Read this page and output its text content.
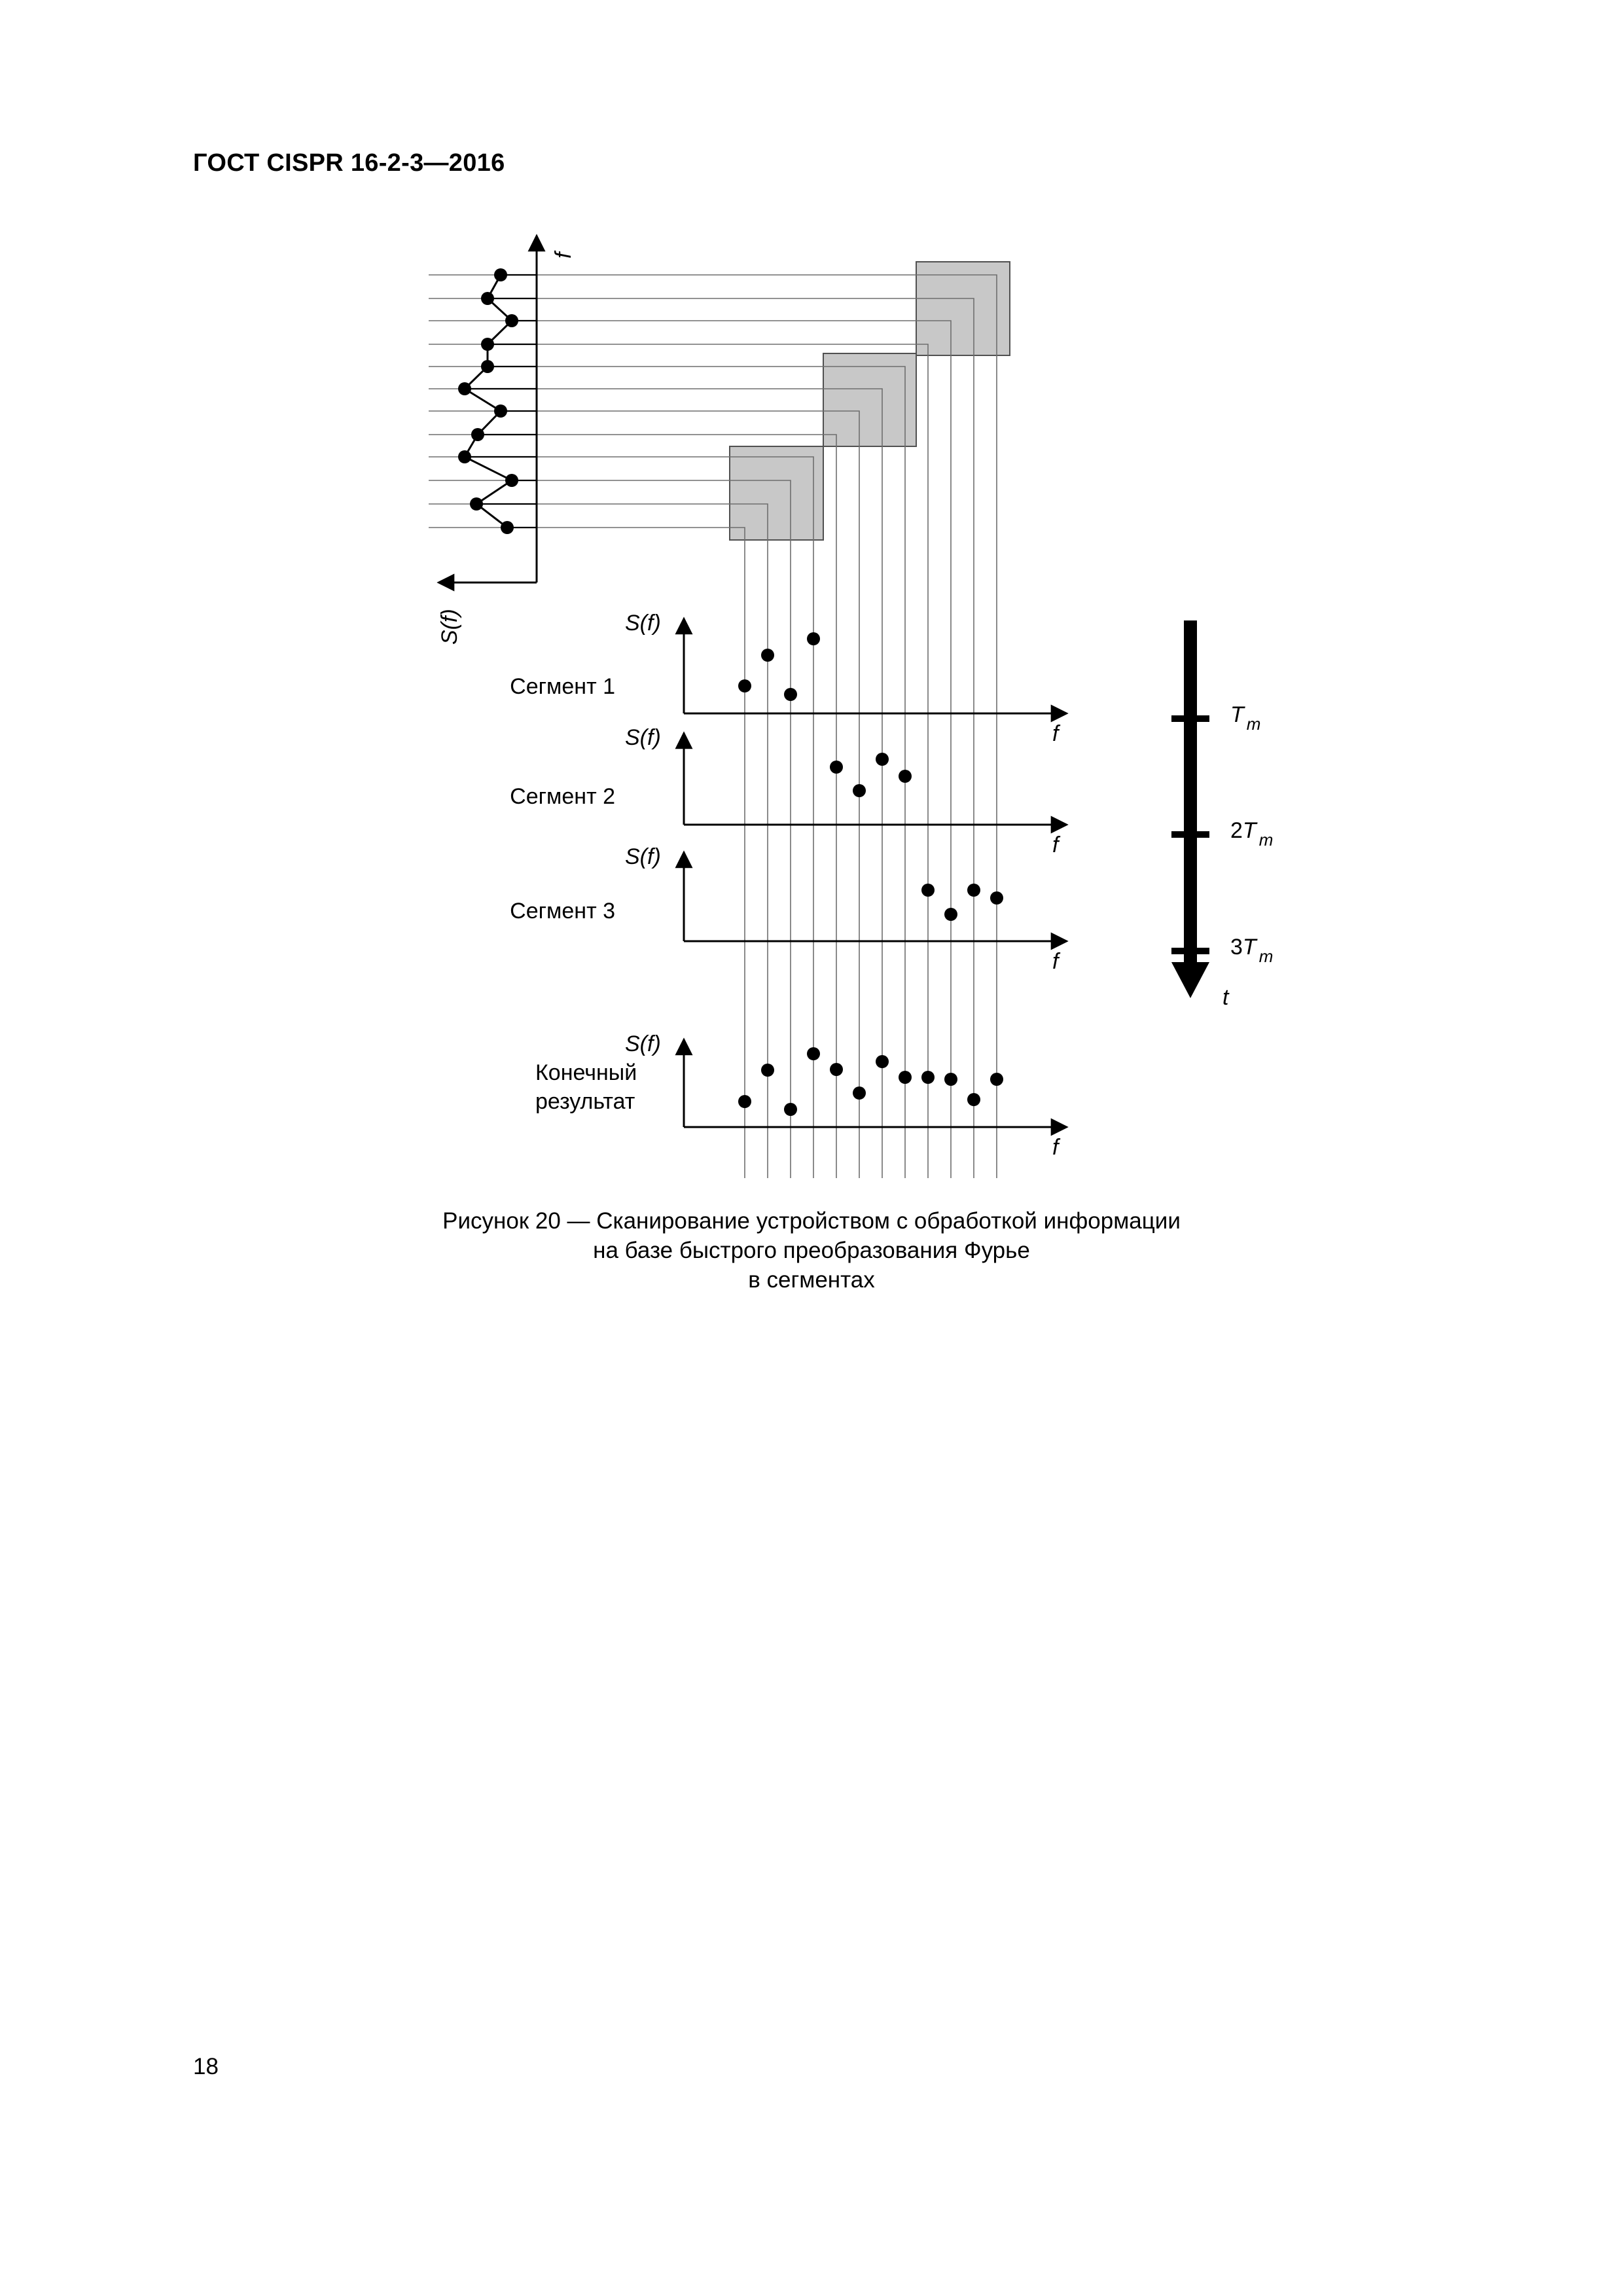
ГОСТ CISPR 16-2-3—2016
f
S(f)	S(f)
f
Сегмент 1
S(f)
f
Сегмент 2
S(f)
f
Сегмент 3
S(f)
f
Конечный
результат
T $_m$
2T $_m$
3T $_m$
t
Рисунок 20 — Сканирование устройством с обработкой информации
на базе быстрого преобразования Фурье
в сегментах
18
